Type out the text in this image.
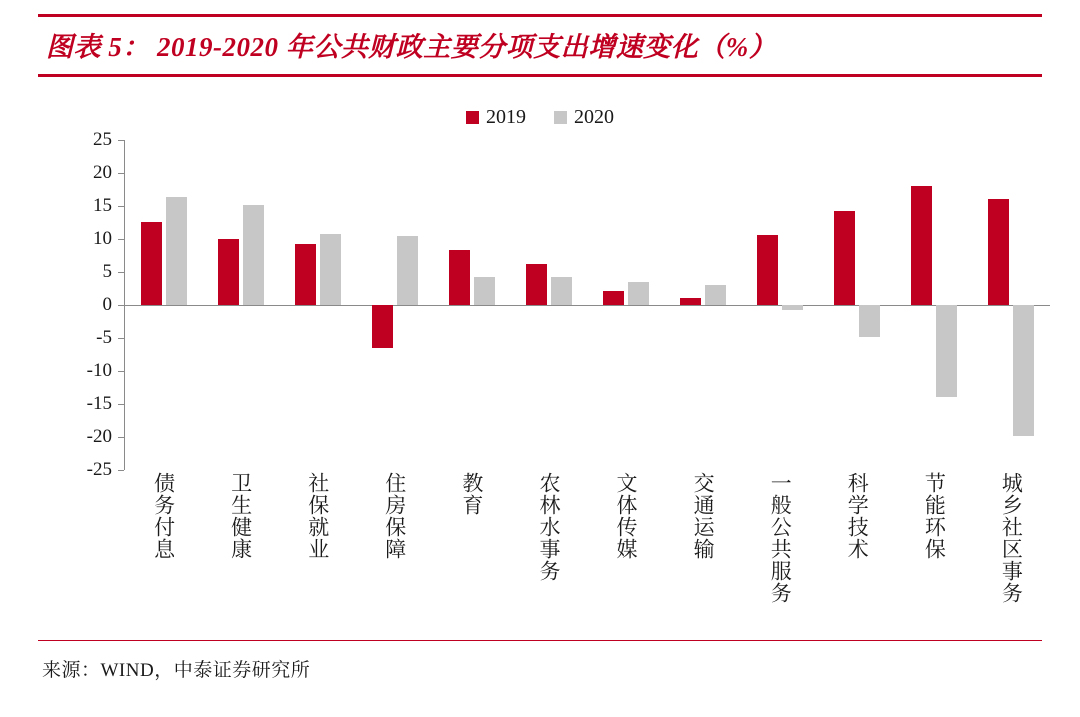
图表 5： 2019-2020 年公共财政主要分项支出增速变化（%）
2019 2020
25
20
15
10
5
0
-5
-10
-15
-20
-25
债务付息	卫生健康	社保就业	住房保障	教育	农林水事务	文体传媒	交通运输	一般公共服务	科学技术	节能环保	城乡社区事务
来源：WIND，中泰证券研究所
